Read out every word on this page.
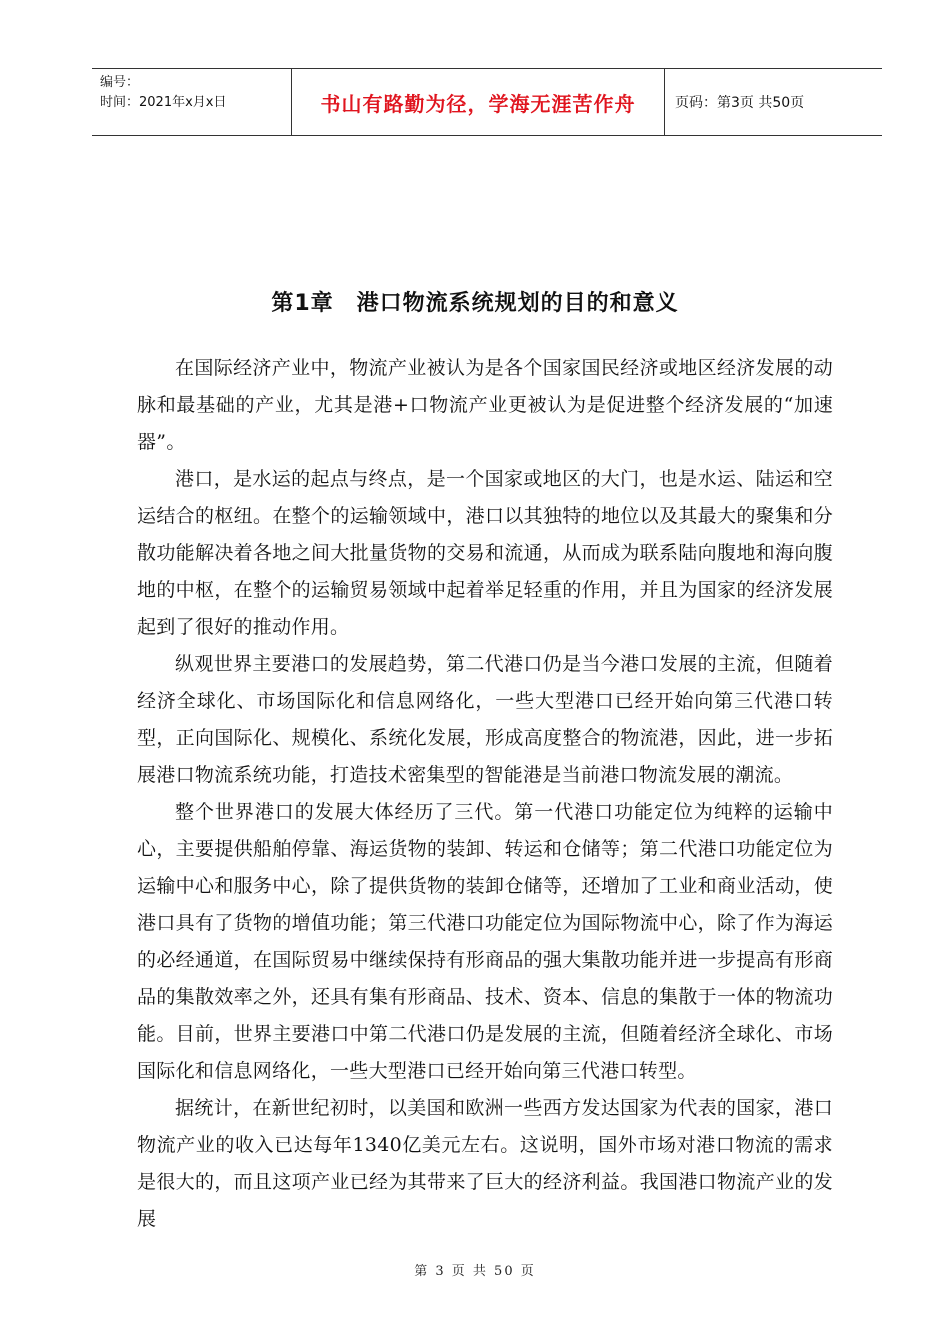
编号：
时间：2021年x月x日	书山有路勤为径，学海无涯苦作舟	页码：第3页 共50页
第1章　港口物流系统规划的目的和意义

在国际经济产业中，物流产业被认为是各个国家国民经济或地区经济发展的动脉和最基础的产业，尤其是港+口物流产业更被认为是促进整个经济发展的“加速器”。

港口，是水运的起点与终点，是一个国家或地区的大门，也是水运、陆运和空运结合的枢纽。在整个的运输领域中，港口以其独特的地位以及其最大的聚集和分散功能解决着各地之间大批量货物的交易和流通，从而成为联系陆向腹地和海向腹地的中枢，在整个的运输贸易领域中起着举足轻重的作用，并且为国家的经济发展起到了很好的推动作用。

纵观世界主要港口的发展趋势，第二代港口仍是当今港口发展的主流，但随着经济全球化、市场国际化和信息网络化，一些大型港口已经开始向第三代港口转型，正向国际化、规模化、系统化发展，形成高度整合的物流港，因此，进一步拓展港口物流系统功能，打造技术密集型的智能港是当前港口物流发展的潮流。

整个世界港口的发展大体经历了三代。第一代港口功能定位为纯粹的运输中心，主要提供船舶停靠、海运货物的装卸、转运和仓储等；第二代港口功能定位为运输中心和服务中心，除了提供货物的装卸仓储等，还增加了工业和商业活动，使港口具有了货物的增值功能；第三代港口功能定位为国际物流中心，除了作为海运的必经通道，在国际贸易中继续保持有形商品的强大集散功能并进一步提高有形商品的集散效率之外，还具有集有形商品、技术、资本、信息的集散于一体的物流功能。目前，世界主要港口中第二代港口仍是发展的主流，但随着经济全球化、市场国际化和信息网络化，一些大型港口已经开始向第三代港口转型。

据统计，在新世纪初时，以美国和欧洲一些西方发达国家为代表的国家，港口物流产业的收入已达每年1340亿美元左右。这说明，国外市场对港口物流的需求是很大的，而且这项产业已经为其带来了巨大的经济利益。我国港口物流产业的发展

第 3 页 共 50 页
